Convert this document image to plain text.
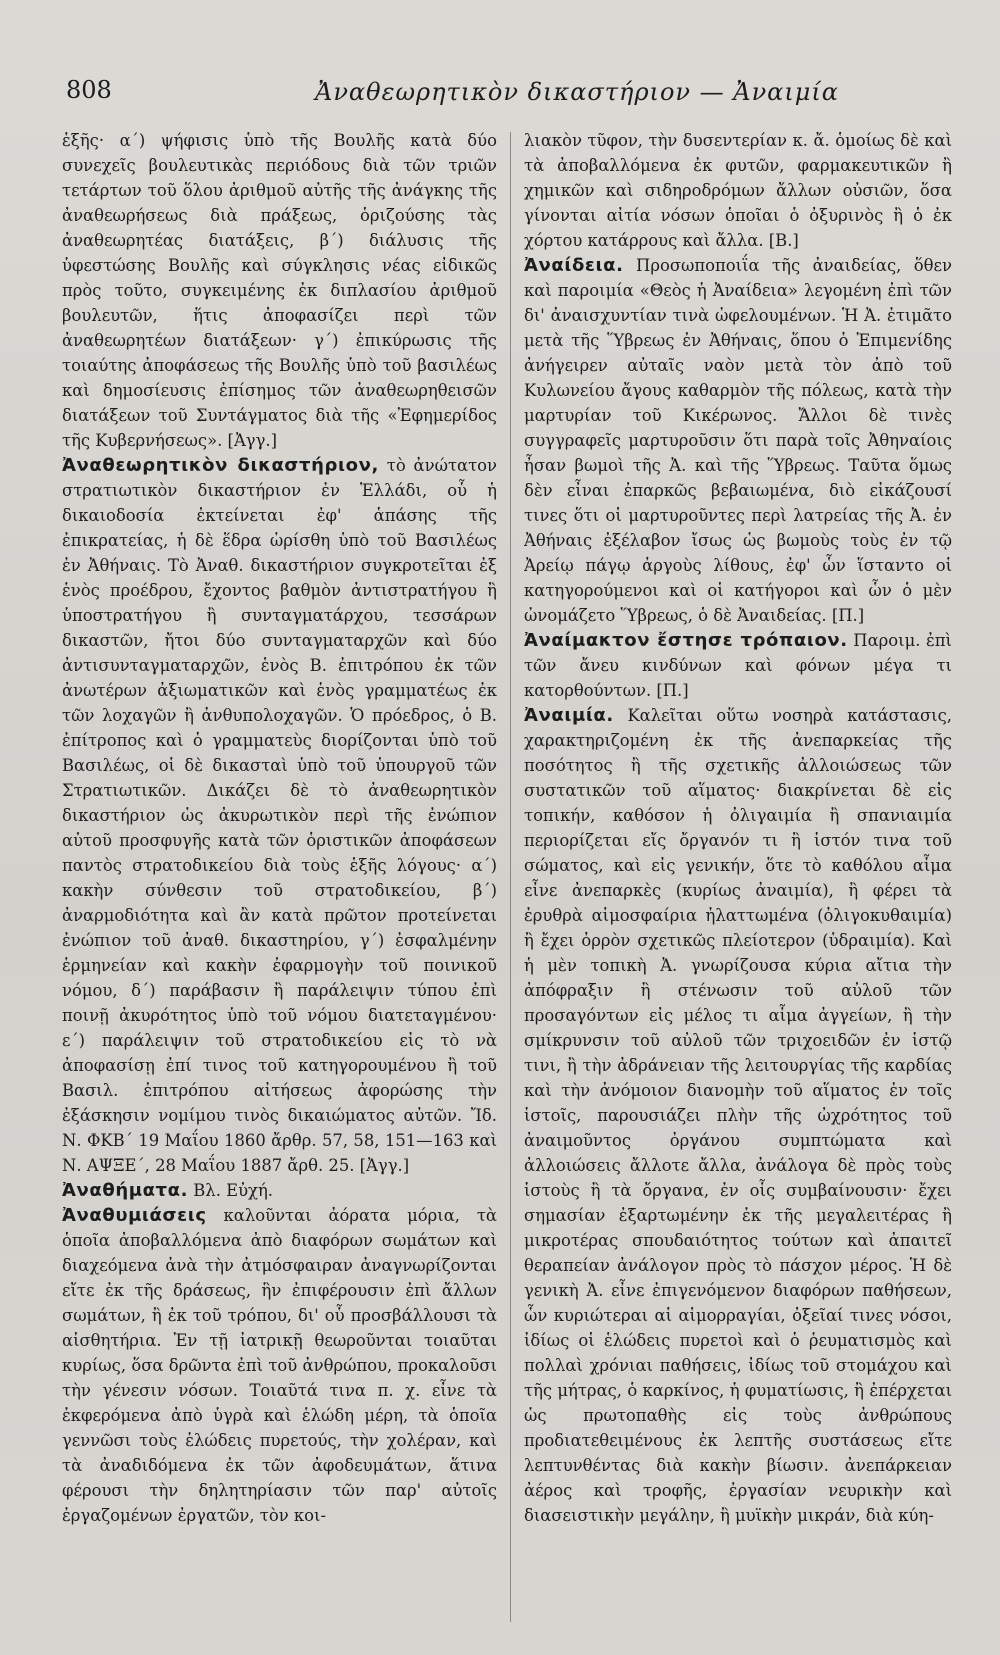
808	Ἀναθεωρητικὸν δικαστήριον — Ἀναιμία

ἑξῆς· α΄) ψήφισις ὑπὸ τῆς Βουλῆς κατὰ δύο συνεχεῖς βουλευτικὰς περιόδους διὰ τῶν τριῶν τετάρτων τοῦ ὅλου ἀριθμοῦ αὐτῆς τῆς ἀνάγκης τῆς ἀναθεωρήσεως διὰ πράξεως, ὁριζούσης τὰς ἀναθεωρητέας διατάξεις, β΄) διάλυσις τῆς ὑφεστώσης Βουλῆς καὶ σύγκλησις νέας εἰδικῶς πρὸς τοῦτο, συγκειμένης ἐκ διπλασίου ἀριθμοῦ βουλευτῶν, ἥτις ἀποφασίζει περὶ τῶν ἀναθεωρητέων διατάξεων· γ΄) ἐπικύρωσις τῆς τοιαύτης ἀποφάσεως τῆς Βουλῆς ὑπὸ τοῦ βασιλέως καὶ δημοσίευσις ἐπίσημος τῶν ἀναθεωρηθεισῶν διατάξεων τοῦ Συντάγματος διὰ τῆς «Ἐφημερίδος τῆς Κυβερνήσεως». [Ἀγγ.]

Ἀναθεωρητικὸν δικαστήριον, τὸ ἀνώτατον στρατιωτικὸν δικαστήριον ἐν Ἑλλάδι, οὗ ἡ δικαιοδοσία ἐκτείνεται ἐφ' ἁπάσης τῆς ἐπικρατείας, ἡ δὲ ἕδρα ὡρίσθη ὑπὸ τοῦ Βασιλέως ἐν Ἀθήναις. Τὸ Ἀναθ. δικαστήριον συγκροτεῖται ἐξ ἑνὸς προέδρου, ἔχοντος βαθμὸν ἀντιστρατήγου ἢ ὑποστρατήγου ἢ συνταγματάρχου, τεσσάρων δικαστῶν, ἤτοι δύο συνταγματαρχῶν καὶ δύο ἀντισυνταγματαρχῶν, ἑνὸς Β. ἐπιτρόπου ἐκ τῶν ἀνωτέρων ἀξιωματικῶν καὶ ἑνὸς γραμματέως ἐκ τῶν λοχαγῶν ἢ ἀνθυπολοχαγῶν. Ὁ πρόεδρος, ὁ Β. ἐπίτροπος καὶ ὁ γραμματεὺς διορίζονται ὑπὸ τοῦ Βασιλέως, οἱ δὲ δικασταὶ ὑπὸ τοῦ ὑπουργοῦ τῶν Στρατιωτικῶν. Δικάζει δὲ τὸ ἀναθεωρητικὸν δικαστήριον ὡς ἀκυρωτικὸν περὶ τῆς ἐνώπιον αὐτοῦ προσφυγῆς κατὰ τῶν ὁριστικῶν ἀποφάσεων παντὸς στρατοδικείου διὰ τοὺς ἑξῆς λόγους· α΄) κακὴν σύνθεσιν τοῦ στρατοδικείου, β΄) ἀναρμοδιότητα καὶ ἂν κατὰ πρῶτον προτείνεται ἐνώπιον τοῦ ἀναθ. δικαστηρίου, γ΄) ἐσφαλμένην ἑρμηνείαν καὶ κακὴν ἐφαρμογὴν τοῦ ποινικοῦ νόμου, δ΄) παράβασιν ἢ παράλειψιν τύπου ἐπὶ ποινῇ ἀκυρότητος ὑπὸ τοῦ νόμου διατεταγμένου· ε΄) παράλειψιν τοῦ στρατοδικείου εἰς τὸ νὰ ἀποφασίσῃ ἐπί τινος τοῦ κατηγορουμένου ἢ τοῦ Βασιλ. ἐπιτρόπου αἰτήσεως ἀφορώσης τὴν ἐξάσκησιν νομίμου τινὸς δικαιώματος αὐτῶν. Ἴδ. Ν. ΦΚΒ΄ 19 Μαΐου 1860 ἄρθρ. 57, 58, 151—163 καὶ Ν. ΑΨΞΕ΄, 28 Μαΐου 1887 ἄρθ. 25. [Ἀγγ.]

Ἀναθήματα. Βλ. Εὐχή.

Ἀναθυμιάσεις καλοῦνται ἀόρατα μόρια, τὰ ὁποῖα ἀποβαλλόμενα ἀπὸ διαφόρων σωμάτων καὶ διαχεόμενα ἀνὰ τὴν ἀτμόσφαιραν ἀναγνωρίζονται εἴτε ἐκ τῆς δράσεως, ἣν ἐπιφέρουσιν ἐπὶ ἄλλων σωμάτων, ἢ ἐκ τοῦ τρόπου, δι' οὗ προσβάλλουσι τὰ αἰσθητήρια. Ἐν τῇ ἰατρικῇ θεωροῦνται τοιαῦται κυρίως, ὅσα δρῶντα ἐπὶ τοῦ ἀνθρώπου, προκαλοῦσι τὴν γένεσιν νόσων. Τοιαῦτά τινα π. χ. εἶνε τὰ ἐκφερόμενα ἀπὸ ὑγρὰ καὶ ἑλώδη μέρη, τὰ ὁποῖα γεννῶσι τοὺς ἑλώδεις πυρετούς, τὴν χολέραν, καὶ τὰ ἀναδιδόμενα ἐκ τῶν ἀφοδευμάτων, ἅτινα φέρουσι τὴν δηλητηρίασιν τῶν παρ' αὐτοῖς ἐργαζομένων ἐργατῶν, τὸν κοι-

λιακὸν τῦφον, τὴν δυσεντερίαν κ. ἄ. ὁμοίως δὲ καὶ τὰ ἀποβαλλόμενα ἐκ φυτῶν, φαρμακευτικῶν ἢ χημικῶν καὶ σιδηροδρόμων ἄλλων οὐσιῶν, ὅσα γίνονται αἰτία νόσων ὁποῖαι ὁ ὀξυρινὸς ἢ ὁ ἐκ χόρτου κατάρρους καὶ ἄλλα. [Β.]

Ἀναίδεια. Προσωποποιΐα τῆς ἀναιδείας, ὅθεν καὶ παροιμία «Θεὸς ἡ Ἀναίδεια» λεγομένη ἐπὶ τῶν δι' ἀναισχυντίαν τινὰ ὠφελουμένων. Ἡ Ἀ. ἐτιμᾶτο μετὰ τῆς Ὕβρεως ἐν Ἀθήναις, ὅπου ὁ Ἐπιμενίδης ἀνήγειρεν αὐταῖς ναὸν μετὰ τὸν ἀπὸ τοῦ Κυλωνείου ἄγους καθαρμὸν τῆς πόλεως, κατὰ τὴν μαρτυρίαν τοῦ Κικέρωνος. Ἄλλοι δὲ τινὲς συγγραφεῖς μαρτυροῦσιν ὅτι παρὰ τοῖς Ἀθηναίοις ἦσαν βωμοὶ τῆς Ἀ. καὶ τῆς Ὕβρεως. Ταῦτα ὅμως δὲν εἶναι ἐπαρκῶς βεβαιωμένα, διὸ εἰκάζουσί τινες ὅτι οἱ μαρτυροῦντες περὶ λατρείας τῆς Ἀ. ἐν Ἀθήναις ἐξέλαβον ἴσως ὡς βωμοὺς τοὺς ἐν τῷ Ἀρείῳ πάγῳ ἀργοὺς λίθους, ἐφ' ὧν ἵσταντο οἱ κατηγορούμενοι καὶ οἱ κατήγοροι καὶ ὧν ὁ μὲν ὠνομάζετο Ὕβρεως, ὁ δὲ Ἀναιδείας. [Π.]

Ἀναίμακτον ἔστησε τρόπαιον. Παροιμ. ἐπὶ τῶν ἄνευ κινδύνων καὶ φόνων μέγα τι κατορθούντων. [Π.]

Ἀναιμία. Καλεῖται οὕτω νοσηρὰ κατάστασις, χαρακτηριζομένη ἐκ τῆς ἀνεπαρκείας τῆς ποσότητος ἢ τῆς σχετικῆς ἀλλοιώσεως τῶν συστατικῶν τοῦ αἵματος· διακρίνεται δὲ εἰς τοπικήν, καθόσον ἡ ὀλιγαιμία ἢ σπανιαιμία περιορίζεται εἴς ὄργανόν τι ἢ ἱστόν τινα τοῦ σώματος, καὶ εἰς γενικήν, ὅτε τὸ καθόλου αἷμα εἶνε ἀνεπαρκὲς (κυρίως ἀναιμία), ἢ φέρει τὰ ἐρυθρὰ αἱμοσφαίρια ἠλαττωμένα (ὀλιγοκυθαιμία) ἢ ἔχει ὀρρὸν σχετικῶς πλείοτερον (ὑδραιμία). Καὶ ἡ μὲν τοπικὴ Ἀ. γνωρίζουσα κύρια αἴτια τὴν ἀπόφραξιν ἢ στένωσιν τοῦ αὐλοῦ τῶν προσαγόντων εἰς μέλος τι αἷμα ἀγγείων, ἢ τὴν σμίκρυνσιν τοῦ αὐλοῦ τῶν τριχοειδῶν ἐν ἱστῷ τινι, ἢ τὴν ἀδράνειαν τῆς λειτουργίας τῆς καρδίας καὶ τὴν ἀνόμοιον διανομὴν τοῦ αἵματος ἐν τοῖς ἱστοῖς, παρουσιάζει πλὴν τῆς ὠχρότητος τοῦ ἀναιμοῦντος ὀργάνου συμπτώματα καὶ ἀλλοιώσεις ἄλλοτε ἄλλα, ἀνάλογα δὲ πρὸς τοὺς ἱστοὺς ἢ τὰ ὄργανα, ἐν οἷς συμβαίνουσιν· ἔχει σημασίαν ἐξαρτωμένην ἐκ τῆς μεγαλειτέρας ἢ μικροτέρας σπουδαιότητος τούτων καὶ ἀπαιτεῖ θεραπείαν ἀνάλογον πρὸς τὸ πάσχον μέρος. Ἡ δὲ γενικὴ Ἀ. εἶνε ἐπιγενόμενον διαφόρων παθήσεων, ὧν κυριώτεραι αἱ αἱμορραγίαι, ὀξεῖαί τινες νόσοι, ἰδίως οἱ ἑλώδεις πυρετοὶ καὶ ὁ ῥευματισμὸς καὶ πολλαὶ χρόνιαι παθήσεις, ἰδίως τοῦ στομάχου καὶ τῆς μήτρας, ὁ καρκίνος, ἡ φυματίωσις, ἢ ἐπέρχεται ὡς πρωτοπαθὴς εἰς τοὺς ἀνθρώπους προδιατεθειμένους ἐκ λεπτῆς συστάσεως εἴτε λεπτυνθέντας διὰ κακὴν βίωσιν. ἀνεπάρκειαν ἀέρος καὶ τροφῆς, ἐργασίαν νευρικὴν καὶ διασειστικὴν μεγάλην, ἢ μυϊκὴν μικράν, διὰ κύη-
